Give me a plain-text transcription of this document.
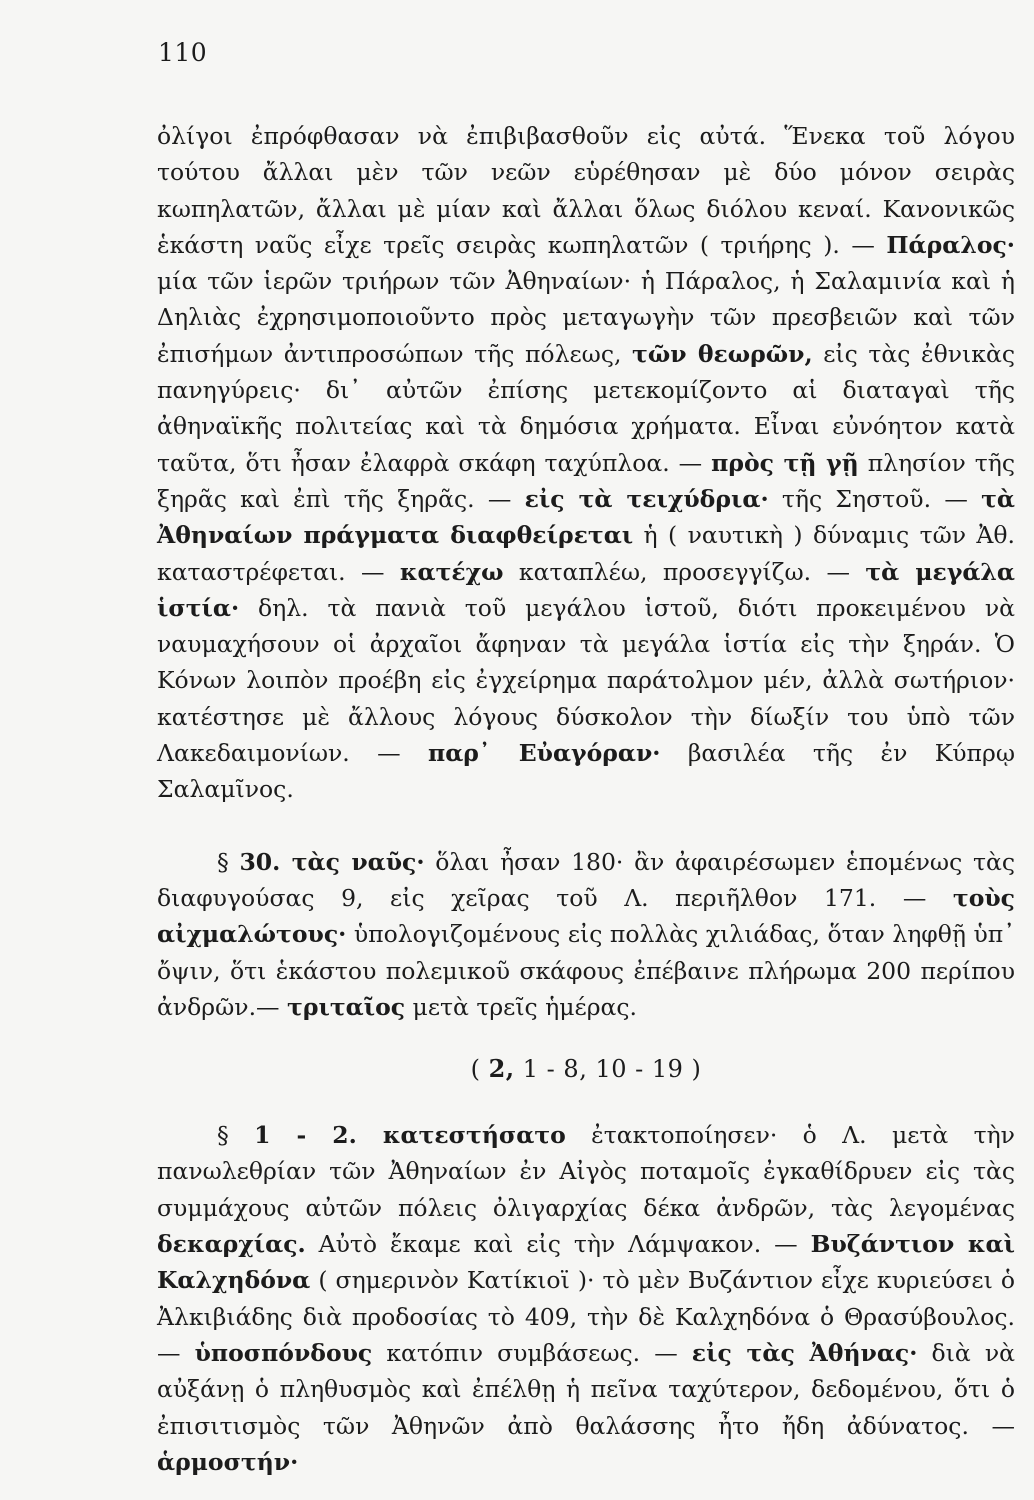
110

ὀλίγοι ἐπρόφθασαν νὰ ἐπιβιβασθοῦν εἰς αὐτά. Ἕνεκα τοῦ λόγου τούτου ἄλλαι μὲν τῶν νεῶν εὑρέθησαν μὲ δύο μόνον σειρὰς κωπηλατῶν, ἄλλαι μὲ μίαν καὶ ἄλλαι ὅλως διόλου κεναί. Κανονικῶς ἑκάστη ναῦς εἶχε τρεῖς σειρὰς κωπηλατῶν ( τριήρης ). — Πάραλος· μία τῶν ἱερῶν τριήρων τῶν Ἀθηναίων· ἡ Πάραλος, ἡ Σαλαμινία καὶ ἡ Δηλιὰς ἐχρησιμοποιοῦντο πρὸς μεταγωγὴν τῶν πρεσβειῶν καὶ τῶν ἐπισήμων ἀντιπροσώπων τῆς πόλεως, τῶν θεωρῶν, εἰς τὰς ἐθνικὰς πανηγύρεις· δι᾽ αὐτῶν ἐπίσης μετεκομίζοντο αἱ διαταγαὶ τῆς ἀθηναϊκῆς πολιτείας καὶ τὰ δημόσια χρήματα. Εἶναι εὐνόητον κατὰ ταῦτα, ὅτι ἦσαν ἐλαφρὰ σκάφη ταχύπλοα. — πρὸς τῇ γῇ πλησίον τῆς ξηρᾶς καὶ ἐπὶ τῆς ξηρᾶς. — εἰς τὰ τειχύδρια· τῆς Σηστοῦ. — τὰ Ἀθηναίων πράγματα διαφθείρεται ἡ ( ναυτικὴ ) δύναμις τῶν Ἀθ. καταστρέφεται. — κατέχω καταπλέω, προσεγγίζω. — τὰ μεγάλα ἱστία· δηλ. τὰ πανιὰ τοῦ μεγάλου ἱστοῦ, διότι προκειμένου νὰ ναυμαχήσουν οἱ ἀρχαῖοι ἄφηναν τὰ μεγάλα ἱστία εἰς τὴν ξηράν. Ὁ Κόνων λοιπὸν προέβη εἰς ἐγχείρημα παράτολμον μέν, ἀλλὰ σωτήριον· κατέστησε μὲ ἄλλους λόγους δύσκολον τὴν δίωξίν του ὑπὸ τῶν Λακεδαιμονίων. — παρ᾽ Εὐαγόραν· βασιλέα τῆς ἐν Κύπρῳ Σαλαμῖνος.

§ 30. τὰς ναῦς· ὅλαι ἦσαν 180· ἂν ἀφαιρέσωμεν ἑπομένως τὰς διαφυγούσας 9, εἰς χεῖρας τοῦ Λ. περιῆλθον 171. — τοὺς αἰχμαλώτους· ὑπολογιζομένους εἰς πολλὰς χιλιάδας, ὅταν ληφθῇ ὑπ᾽ ὄψιν, ὅτι ἑκάστου πολεμικοῦ σκάφους ἐπέβαινε πλήρωμα 200 περίπου ἀνδρῶν.— τριταῖος μετὰ τρεῖς ἡμέρας.

( 2, 1 - 8, 10 - 19 )

§ 1 - 2. κατεστήσατο ἐτακτοποίησεν· ὁ Λ. μετὰ τὴν πανωλεθρίαν τῶν Ἀθηναίων ἐν Αἰγὸς ποταμοῖς ἐγκαθίδρυεν εἰς τὰς συμμάχους αὐτῶν πόλεις ὀλιγαρχίας δέκα ἀνδρῶν, τὰς λεγομένας δεκαρχίας. Αὐτὸ ἔκαμε καὶ εἰς τὴν Λάμψακον. — Βυζάντιον καὶ Καλχηδόνα ( σημερινὸν Κατίκιοϊ )· τὸ μὲν Βυζάντιον εἶχε κυριεύσει ὁ Ἀλκιβιάδης διὰ προδοσίας τὸ 409, τὴν δὲ Καλχηδόνα ὁ Θρασύβουλος. — ὑποσπόνδους κατόπιν συμβάσεως. — εἰς τὰς Ἀθήνας· διὰ νὰ αὐξάνῃ ὁ πληθυσμὸς καὶ ἐπέλθῃ ἡ πεῖνα ταχύτερον, δεδομένου, ὅτι ὁ ἐπισιτισμὸς τῶν Ἀθηνῶν ἀπὸ θαλάσσης ἦτο ἤδη ἀδύνατος. — ἁρμοστήν·
